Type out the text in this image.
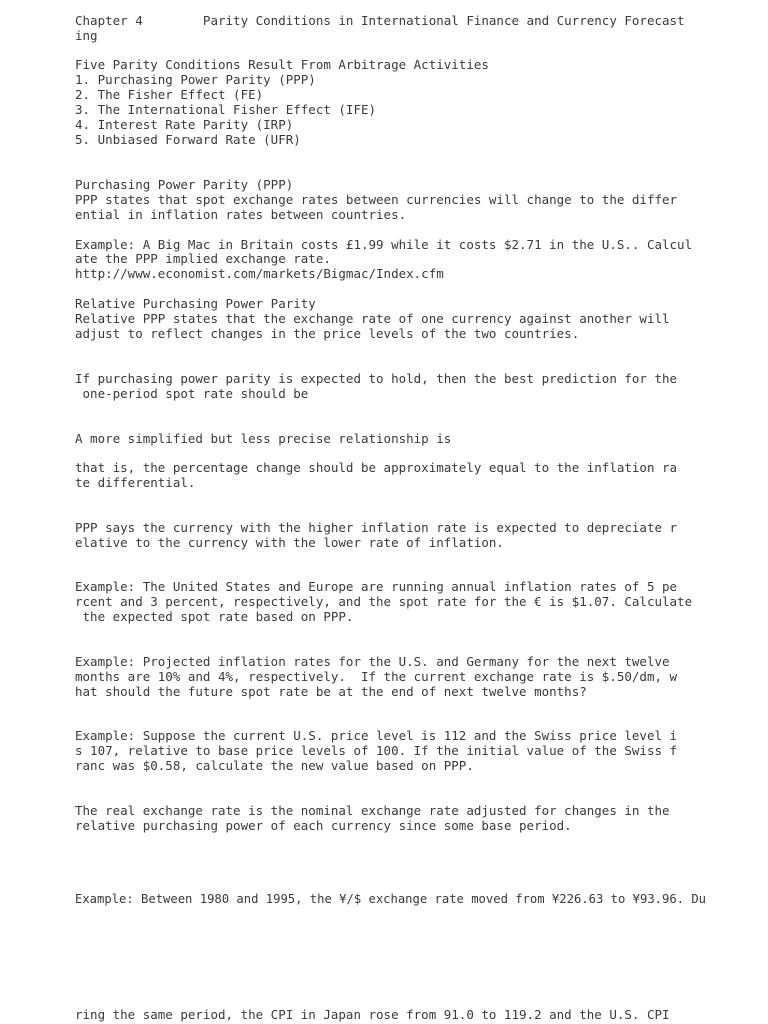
Chapter 4        Parity Conditions in International Finance and Currency Forecast

ing

Five Parity Conditions Result From Arbitrage Activities

1. Purchasing Power Parity (PPP)

2. The Fisher Effect (FE)

3. The International Fisher Effect (IFE)

4. Interest Rate Parity (IRP)

5. Unbiased Forward Rate (UFR)

Purchasing Power Parity (PPP)

PPP states that spot exchange rates between currencies will change to the differ

ential in inflation rates between countries.

Example: A Big Mac in Britain costs £1.99 while it costs $2.71 in the U.S.. Calcul

ate the PPP implied exchange rate.

http://www.economist.com/markets/Bigmac/Index.cfm

Relative Purchasing Power Parity

Relative PPP states that the exchange rate of one currency against another will

adjust to reflect changes in the price levels of the two countries.

If purchasing power parity is expected to hold, then the best prediction for the

one-period spot rate should be

A more simplified but less precise relationship is

that is, the percentage change should be approximately equal to the inflation ra

te differential.

PPP says the currency with the higher inflation rate is expected to depreciate r

elative to the currency with the lower rate of inflation.

Example: The United States and Europe are running annual inflation rates of 5 pe

rcent and 3 percent, respectively, and the spot rate for the € is $1.07. Calculate

the expected spot rate based on PPP.

Example: Projected inflation rates for the U.S. and Germany for the next twelve

months are 10% and 4%, respectively.  If the current exchange rate is $.50/dm, w

hat should the future spot rate be at the end of next twelve months?

Example: Suppose the current U.S. price level is 112 and the Swiss price level i

s 107, relative to base price levels of 100. If the initial value of the Swiss f

ranc was $0.58, calculate the new value based on PPP.

The real exchange rate is the nominal exchange rate adjusted for changes in the

relative purchasing power of each currency since some base period.

Example: Between 1980 and 1995, the ¥/$ exchange rate moved from ¥226.63 to ¥93.96. Du

ring the same period, the CPI in Japan rose from 91.0 to 119.2 and the U.S. CPI
